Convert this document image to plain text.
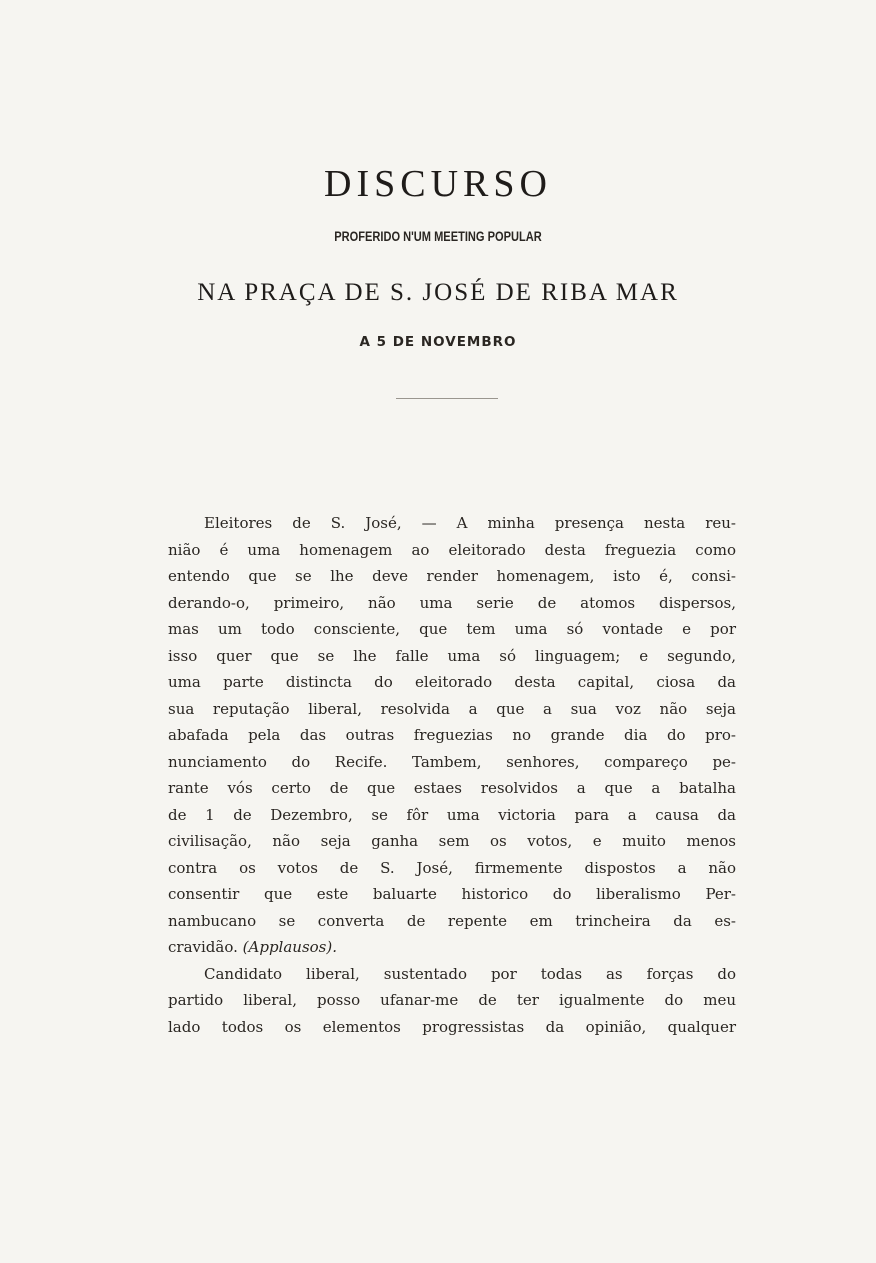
DISCURSO
PROFERIDO N'UM MEETING POPULAR
NA PRAÇA DE S. JOSÉ DE RIBA MAR
A 5 DE NOVEMBRO
Eleitores de S. José, — A minha presença nesta reu-
nião é uma homenagem ao eleitorado desta freguezia como
entendo que se lhe deve render homenagem, isto é, consi-
derando-o, primeiro, não uma serie de atomos dispersos,
mas um todo consciente, que tem uma só vontade e por
isso quer que se lhe falle uma só linguagem; e segundo,
uma parte distincta do eleitorado desta capital, ciosa da
sua reputação liberal, resolvida a que a sua voz não seja
abafada pela das outras freguezias no grande dia do pro-
nunciamento do Recife. Tambem, senhores, compareço pe-
rante vós certo de que estaes resolvidos a que a batalha
de 1 de Dezembro, se fôr uma victoria para a causa da
civilisação, não seja ganha sem os votos, e muito menos
contra os votos de S. José, firmemente dispostos a não
consentir que este baluarte historico do liberalismo Per-
nambucano se converta de repente em trincheira da es-
cravidão. (Applausos).
Candidato liberal, sustentado por todas as forças do
partido liberal, posso ufanar-me de ter igualmente do meu
lado todos os elementos progressistas da opinião, qualquer
